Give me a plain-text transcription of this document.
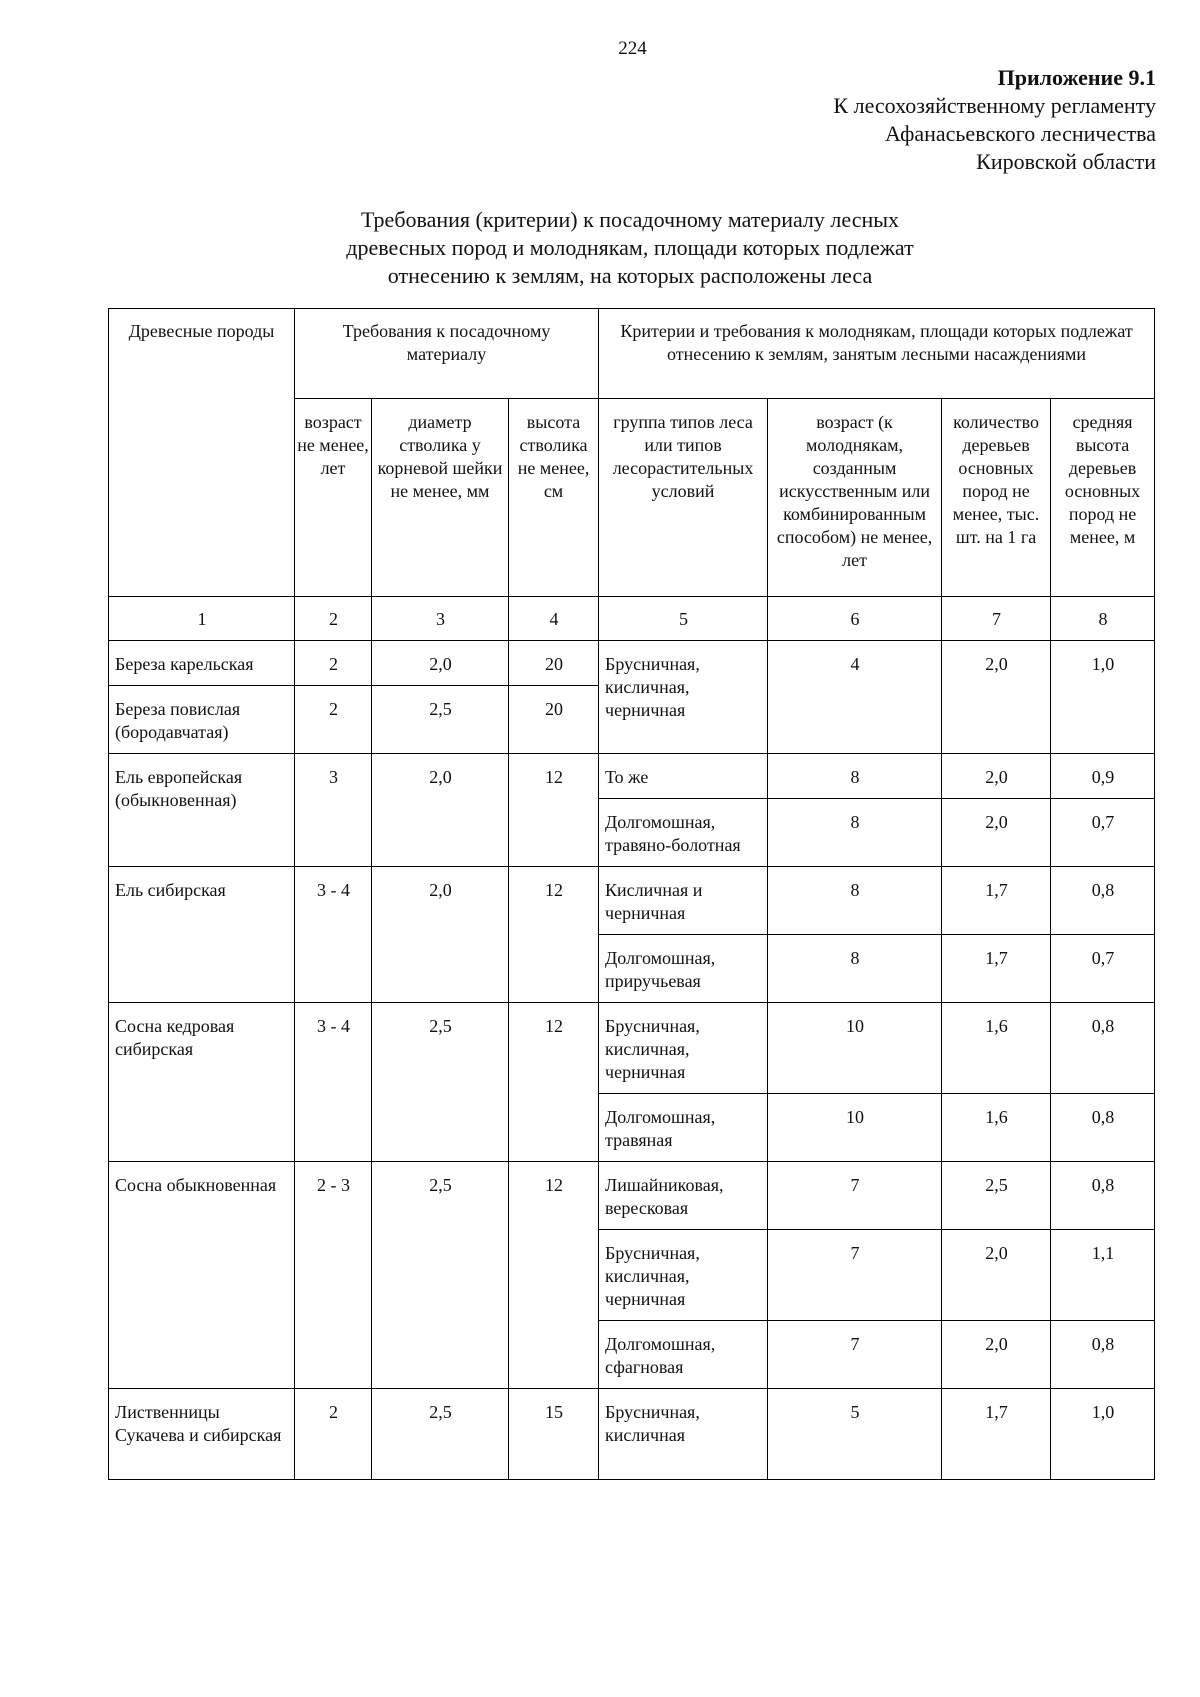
224
Приложение 9.1
К лесохозяйственному регламенту
Афанасьевского лесничества
Кировской области
Требования (критерии) к посадочному материалу лесных
древесных пород и молоднякам, площади которых подлежат
отнесению к землям, на которых расположены леса
Древесные породы	Требования к посадочному материалу			Критерии и требования к молоднякам, площади которых подлежат отнесению к землям, занятым лесными насаждениями			
	возраст не менее, лет	диаметр стволика у корневой шейки не менее, мм	высота стволика не менее, см	группа типов леса или типов лесорастительных условий	возраст (к молоднякам, созданным искусственным или комбинированным способом) не менее, лет	количество деревьев основных пород не менее, тыс. шт. на 1 га	средняя высота деревьев основных пород не менее, м
1	2	3	4	5	6	7	8
Береза карельская	2	2,0	20	Брусничная, кисличная, черничная	4	2,0	1,0
Береза повислая (бородавчатая)	2	2,5	20				
Ель европейская (обыкновенная)	3	2,0	12	То же	8	2,0	0,9
				Долгомошная, травяно-болотная	8	2,0	0,7
Ель сибирская	3 - 4	2,0	12	Кисличная и черничная	8	1,7	0,8
				Долгомошная, приручьевая	8	1,7	0,7
Сосна кедровая сибирская	3 - 4	2,5	12	Брусничная, кисличная, черничная	10	1,6	0,8
				Долгомошная, травяная	10	1,6	0,8
Сосна обыкновенная	2 - 3	2,5	12	Лишайниковая, вересковая	7	2,5	0,8
				Брусничная, кисличная, черничная	7	2,0	1,1
				Долгомошная, сфагновая	7	2,0	0,8
Лиственницы Сукачева и сибирская	2	2,5	15	Брусничная, кисличная	5	1,7	1,0
